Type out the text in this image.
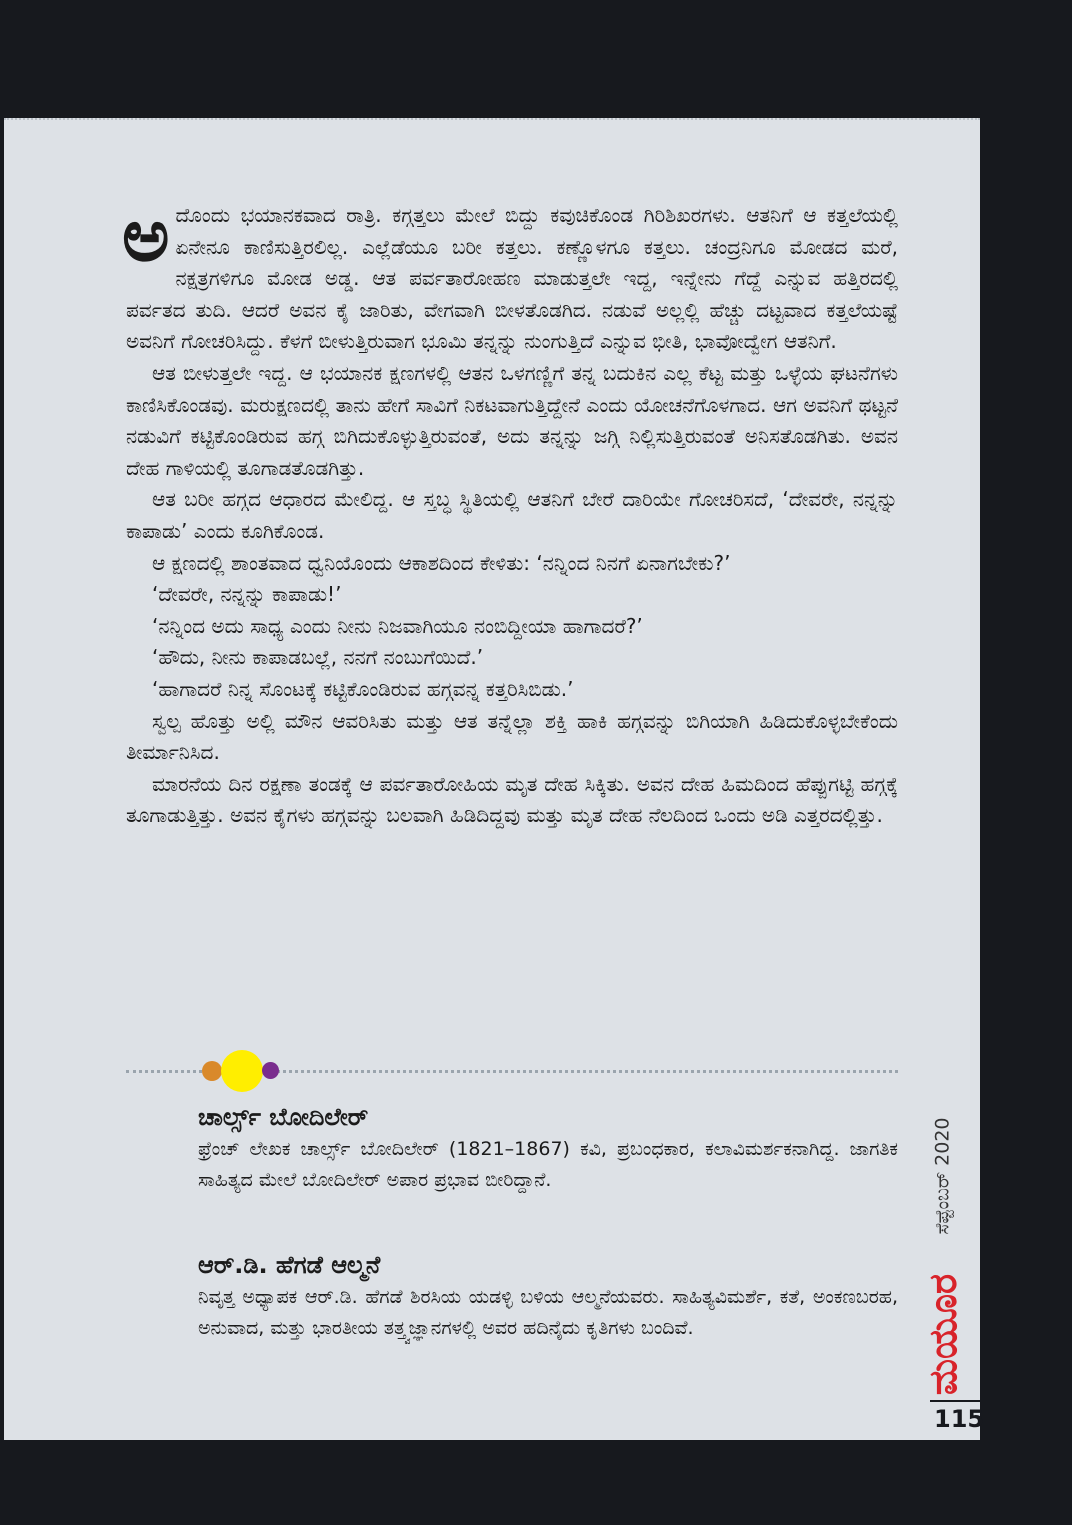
ಅದೊಂದು ಭಯಾನಕವಾದ ರಾತ್ರಿ. ಕಗ್ಗತ್ತಲು ಮೇಲೆ ಬಿದ್ದು ಕವುಚಿಕೊಂಡ ಗಿರಿಶಿಖರಗಳು. ಆತನಿಗೆ ಆ ಕತ್ತಲೆಯಲ್ಲಿ ಏನೇನೂ ಕಾಣಿಸುತ್ತಿರಲಿಲ್ಲ. ಎಲ್ಲೆಡೆಯೂ ಬರೀ ಕತ್ತಲು. ಕಣ್ಣೊಳಗೂ ಕತ್ತಲು. ಚಂದ್ರನಿಗೂ ಮೋಡದ ಮರೆ, ನಕ್ಷತ್ರಗಳಿಗೂ ಮೋಡ ಅಡ್ಡ. ಆತ ಪರ್ವತಾರೋಹಣ ಮಾಡುತ್ತಲೇ ಇದ್ದ, ಇನ್ನೇನು ಗೆದ್ದೆ ಎನ್ನುವ ಹತ್ತಿರದಲ್ಲಿ ಪರ್ವತದ ತುದಿ. ಆದರೆ ಅವನ ಕೈ ಜಾರಿತು, ವೇಗವಾಗಿ ಬೀಳತೊಡಗಿದ. ನಡುವೆ ಅಲ್ಲಲ್ಲಿ ಹೆಚ್ಚು ದಟ್ಟವಾದ ಕತ್ತಲೆಯಷ್ಟೆ ಅವನಿಗೆ ಗೋಚರಿಸಿದ್ದು. ಕೆಳಗೆ ಬೀಳುತ್ತಿರುವಾಗ ಭೂಮಿ ತನ್ನನ್ನು ನುಂಗುತ್ತಿದೆ ಎನ್ನುವ ಭೀತಿ, ಭಾವೋದ್ವೇಗ ಆತನಿಗೆ.

ಆತ ಬೀಳುತ್ತಲೇ ಇದ್ದ. ಆ ಭಯಾನಕ ಕ್ಷಣಗಳಲ್ಲಿ ಆತನ ಒಳಗಣ್ಣಿಗೆ ತನ್ನ ಬದುಕಿನ ಎಲ್ಲ ಕೆಟ್ಟ ಮತ್ತು ಒಳ್ಳೆಯ ಘಟನೆಗಳು ಕಾಣಿಸಿಕೊಂಡವು. ಮರುಕ್ಷಣದಲ್ಲಿ ತಾನು ಹೇಗೆ ಸಾವಿಗೆ ನಿಕಟವಾಗುತ್ತಿದ್ದೇನೆ ಎಂದು ಯೋಚನೆಗೊಳಗಾದ. ಆಗ ಅವನಿಗೆ ಥಟ್ಟನೆ ನಡುವಿಗೆ ಕಟ್ಟಿಕೊಂಡಿರುವ ಹಗ್ಗ ಬಿಗಿದುಕೊಳ್ಳುತ್ತಿರುವಂತೆ, ಅದು ತನ್ನನ್ನು ಜಗ್ಗಿ ನಿಲ್ಲಿಸುತ್ತಿರುವಂತೆ ಅನಿಸತೊಡಗಿತು. ಅವನ ದೇಹ ಗಾಳಿಯಲ್ಲಿ ತೂಗಾಡತೊಡಗಿತ್ತು.

ಆತ ಬರೀ ಹಗ್ಗದ ಆಧಾರದ ಮೇಲಿದ್ದ. ಆ ಸ್ತಬ್ಧ ಸ್ಥಿತಿಯಲ್ಲಿ ಆತನಿಗೆ ಬೇರೆ ದಾರಿಯೇ ಗೋಚರಿಸದೆ, ‘ದೇವರೇ, ನನ್ನನ್ನು ಕಾಪಾಡು’ ಎಂದು ಕೂಗಿಕೊಂಡ.

ಆ ಕ್ಷಣದಲ್ಲಿ ಶಾಂತವಾದ ಧ್ವನಿಯೊಂದು ಆಕಾಶದಿಂದ ಕೇಳಿತು: ‘ನನ್ನಿಂದ ನಿನಗೆ ಏನಾಗಬೇಕು?’

‘ದೇವರೇ, ನನ್ನನ್ನು ಕಾಪಾಡು!’

‘ನನ್ನಿಂದ ಅದು ಸಾಧ್ಯ ಎಂದು ನೀನು ನಿಜವಾಗಿಯೂ ನಂಬಿದ್ದೀಯಾ ಹಾಗಾದರೆ?’

‘ಹೌದು, ನೀನು ಕಾಪಾಡಬಲ್ಲೆ, ನನಗೆ ನಂಬುಗೆಯಿದೆ.’

‘ಹಾಗಾದರೆ ನಿನ್ನ ಸೊಂಟಕ್ಕೆ ಕಟ್ಟಿಕೊಂಡಿರುವ ಹಗ್ಗವನ್ನ ಕತ್ತರಿಸಿಬಿಡು.’

ಸ್ವಲ್ಪ ಹೊತ್ತು ಅಲ್ಲಿ ಮೌನ ಆವರಿಸಿತು ಮತ್ತು ಆತ ತನ್ನೆಲ್ಲಾ ಶಕ್ತಿ ಹಾಕಿ ಹಗ್ಗವನ್ನು ಬಿಗಿಯಾಗಿ ಹಿಡಿದುಕೊಳ್ಳಬೇಕೆಂದು ತೀರ್ಮಾನಿಸಿದ.

ಮಾರನೆಯ ದಿನ ರಕ್ಷಣಾ ತಂಡಕ್ಕೆ ಆ ಪರ್ವತಾರೋಹಿಯ ಮೃತ ದೇಹ ಸಿಕ್ಕಿತು. ಅವನ ದೇಹ ಹಿಮದಿಂದ ಹೆಪ್ಪುಗಟ್ಟಿ ಹಗ್ಗಕ್ಕೆ ತೂಗಾಡುತ್ತಿತ್ತು. ಅವನ ಕೈಗಳು ಹಗ್ಗವನ್ನು ಬಲವಾಗಿ ಹಿಡಿದಿದ್ದವು ಮತ್ತು ಮೃತ ದೇಹ ನೆಲದಿಂದ ಒಂದು ಅಡಿ ಎತ್ತರದಲ್ಲಿತ್ತು.

ಚಾರ್ಲ್ಸ್ ಬೋದಿಲೇರ್

ಫ್ರೆಂಚ್ ಲೇಖಕ ಚಾರ್ಲ್ಸ್ ಬೋದಿಲೇರ್ (1821–1867) ಕವಿ, ಪ್ರಬಂಧಕಾರ, ಕಲಾವಿಮರ್ಶಕನಾಗಿದ್ದ. ಜಾಗತಿಕ ಸಾಹಿತ್ಯದ ಮೇಲೆ ಬೋದಿಲೇರ್ ಅಪಾರ ಪ್ರಭಾವ ಬೀರಿದ್ದಾನೆ.

ಆರ್.ಡಿ. ಹೆಗಡೆ ಆಲ್ಮನೆ

ನಿವೃತ್ತ ಅಧ್ಯಾಪಕ ಆರ್.ಡಿ. ಹೆಗಡೆ ಶಿರಸಿಯ ಯಡಳ್ಳಿ ಬಳಿಯ ಆಲ್ಮನೆಯವರು. ಸಾಹಿತ್ಯವಿಮರ್ಶೆ, ಕತೆ, ಅಂಕಣಬರಹ, ಅನುವಾದ, ಮತ್ತು ಭಾರತೀಯ ತತ್ತ್ವಜ್ಞಾನಗಳಲ್ಲಿ ಅವರ ಹದಿನೈದು ಕೃತಿಗಳು ಬಂದಿವೆ.

ಸೆಪ್ಟೆಂಬರ್ 2020
ಮಯೂರ
115
